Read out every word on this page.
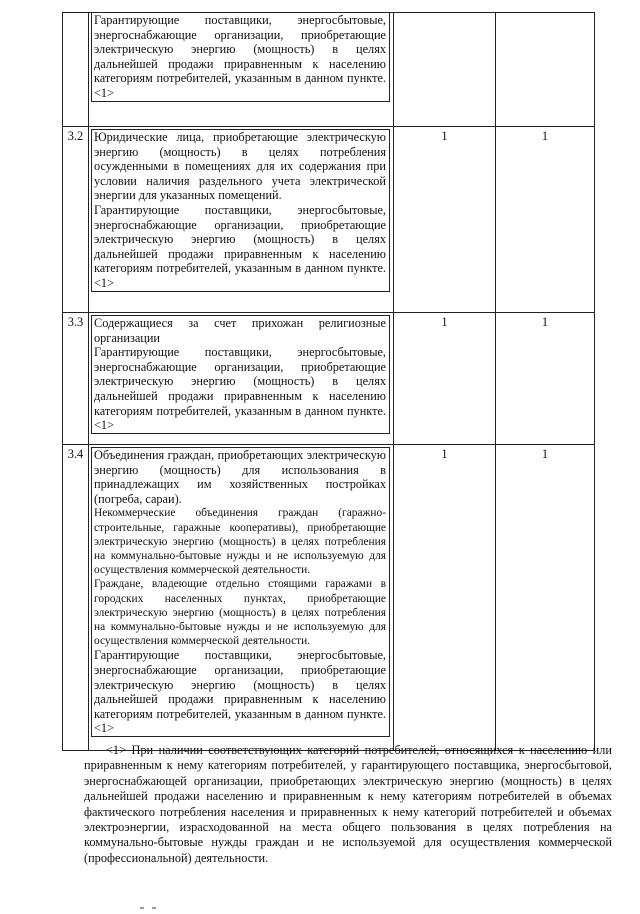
	Гарантирующие поставщики, энергосбытовые, энергоснабжающие организации, приобретающие электрическую энергию (мощность) в целях дальнейшей продажи приравненным к населению категориям потребителей, указанным в данном пункте. <1>		

3.2	Юридические лица, приобретающие электрическую энергию (мощность) в целях потребления осужденными в помещениях для их содержания при условии наличия раздельного учета электрической энергии для указанных помещений.

Гарантирующие поставщики, энергосбытовые, энергоснабжающие организации, приобретающие электрическую энергию (мощность) в целях дальнейшей продажи приравненным к населению категориям потребителей, указанным в данном пункте. <1>	1	1
3.3	Содержащиеся за счет прихожан религиозные организации

Гарантирующие поставщики, энергосбытовые, энергоснабжающие организации, приобретающие электрическую энергию (мощность) в целях дальнейшей продажи приравненным к населению категориям потребителей, указанным в данном пункте. <1>	1	1
3.4	Объединения граждан, приобретающих электрическую энергию (мощность) для использования в принадлежащих им хозяйственных постройках (погреба, сараи).

Некоммерческие объединения граждан (гаражно-строительные, гаражные кооперативы), приобретающие электрическую энергию (мощность) в целях потребления на коммунально-бытовые нужды и не используемую для осуществления коммерческой деятельности.

Граждане, владеющие отдельно стоящими гаражами в городских населенных пунктах, приобретающие электрическую энергию (мощность) в целях потребления на коммунально-бытовые нужды и не используемую для осуществления коммерческой деятельности.

Гарантирующие поставщики, энергосбытовые, энергоснабжающие организации, приобретающие электрическую энергию (мощность) в целях дальнейшей продажи приравненным к населению категориям потребителей, указанным в данном пункте. <1>	1	1

<1> При наличии соответствующих категорий потребителей, относящихся к населению или приравненным к нему категориям потребителей, у гарантирующего поставщика, энергосбытовой, энергоснабжающей организации, приобретающих электрическую энергию (мощность) в целях дальнейшей продажи населению и приравненным к нему категориям потребителей в объемах фактического потребления населения и приравненных к нему категорий потребителей и объемах электроэнергии, израсходованной на места общего пользования в целях потребления на коммунально-бытовые нужды граждан и не используемой для осуществления коммерческой (профессиональной) деятельности.
